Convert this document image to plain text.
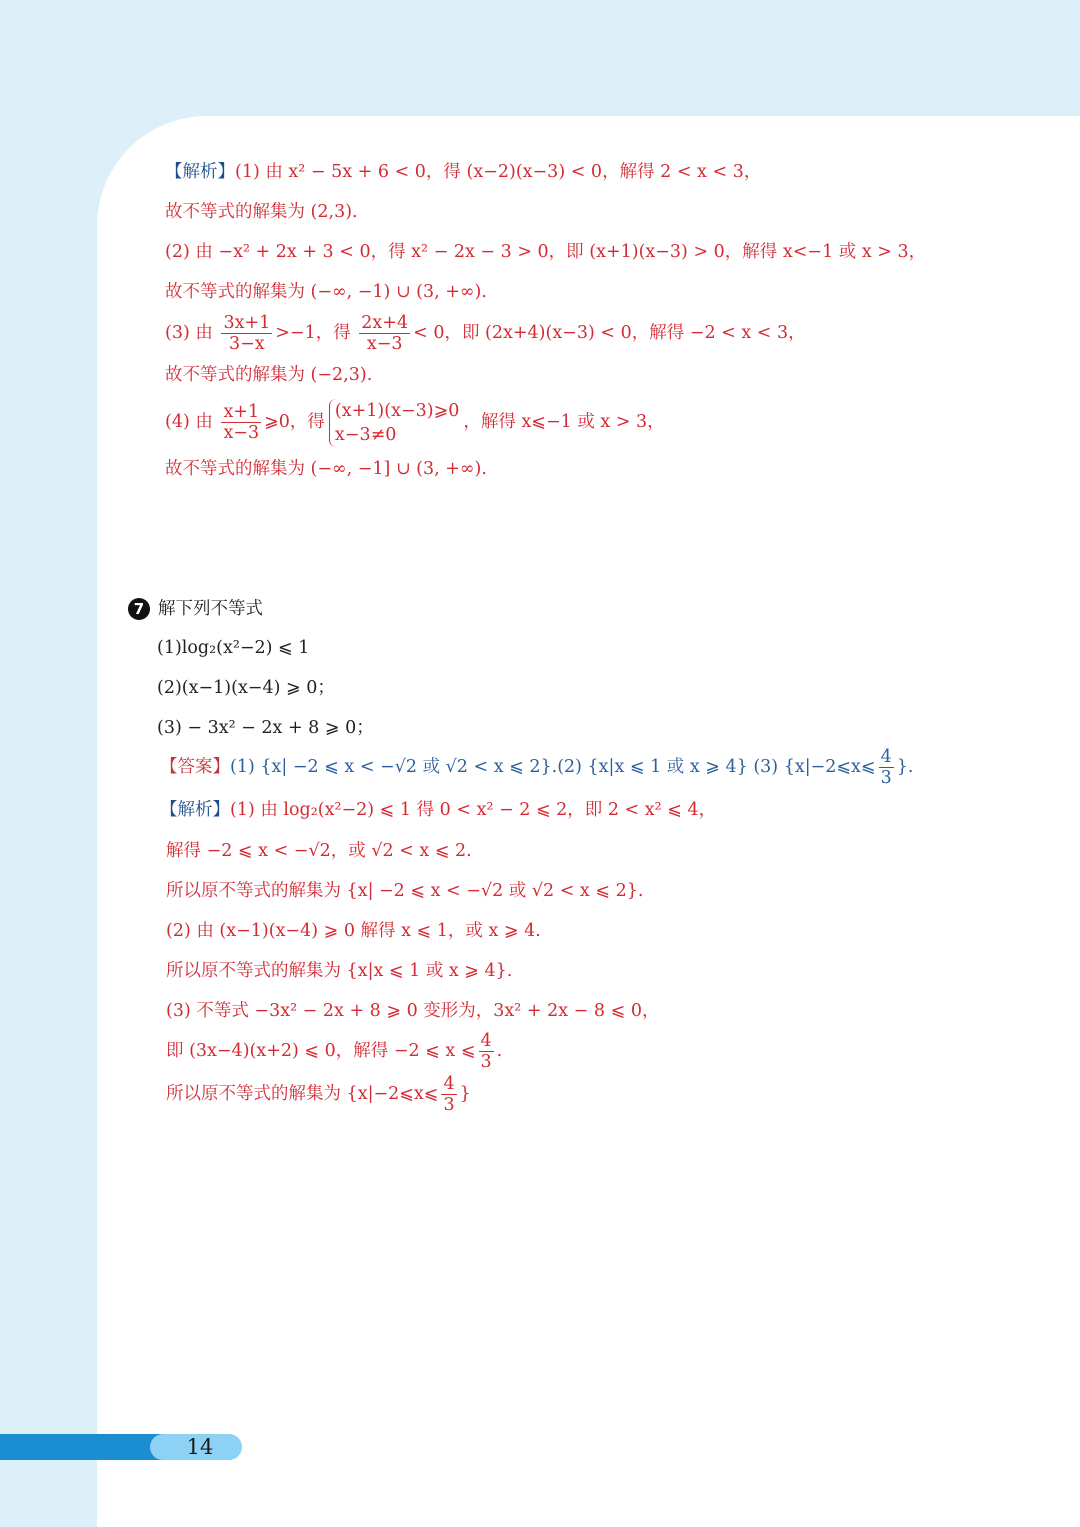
【解析】(1) 由 x² − 5x + 6 < 0，得 (x−2)(x−3) < 0，解得 2 < x < 3，
故不等式的解集为 (2,3).
(2) 由 −x² + 2x + 3 < 0，得 x² − 2x − 3 > 0，即 (x+1)(x−3) > 0，解得 x<−1 或 x > 3，
故不等式的解集为 (−∞, −1) ∪ (3, +∞).
(3) 由 $\frac{3x+1}{3-x} >-1$，得 $\frac{2x+4}{x-3} < 0$，即 (2x+4)(x−3) < 0，解得 −2 < x < 3，
故不等式的解集为 (−2,3).
(4) 由 $\frac{x+1}{x-3}$ ⩾0，得
(x+1)(x−3)⩾0
x−3≠0
，解得 x⩽−1 或 x > 3，
故不等式的解集为 (−∞, −1] ∪ (3, +∞).
7 解下列不等式
(1)log₂(x²−2) ⩽ 1
(2)(x−1)(x−4) ⩾ 0；
(3) − 3x² − 2x + 8 ⩾ 0；
【答案】(1) {x| −2 ⩽ x < −√2 或 √2 < x ⩽ 2}.(2) {x|x ⩽ 1 或 x ⩾ 4} (3) {x|−2⩽x⩽ $\frac{4}{3}$ }.
【解析】(1) 由 log₂(x²−2) ⩽ 1 得 0 < x² − 2 ⩽ 2，即 2 < x² ⩽ 4，
解得 −2 ⩽ x < −√2，或 √2 < x ⩽ 2.
所以原不等式的解集为 {x| −2 ⩽ x < −√2 或 √2 < x ⩽ 2}.
(2) 由 (x−1)(x−4) ⩾ 0 解得 x ⩽ 1，或 x ⩾ 4.
所以原不等式的解集为 {x|x ⩽ 1 或 x ⩾ 4}.
(3) 不等式 −3x² − 2x + 8 ⩾ 0 变形为，3x² + 2x − 8 ⩽ 0，
即 (3x−4)(x+2) ⩽ 0，解得 −2 ⩽ x ⩽ $\frac{4}{3}$ .
所以原不等式的解集为 {x|−2⩽x⩽ $\frac{4}{3}$ }
14
